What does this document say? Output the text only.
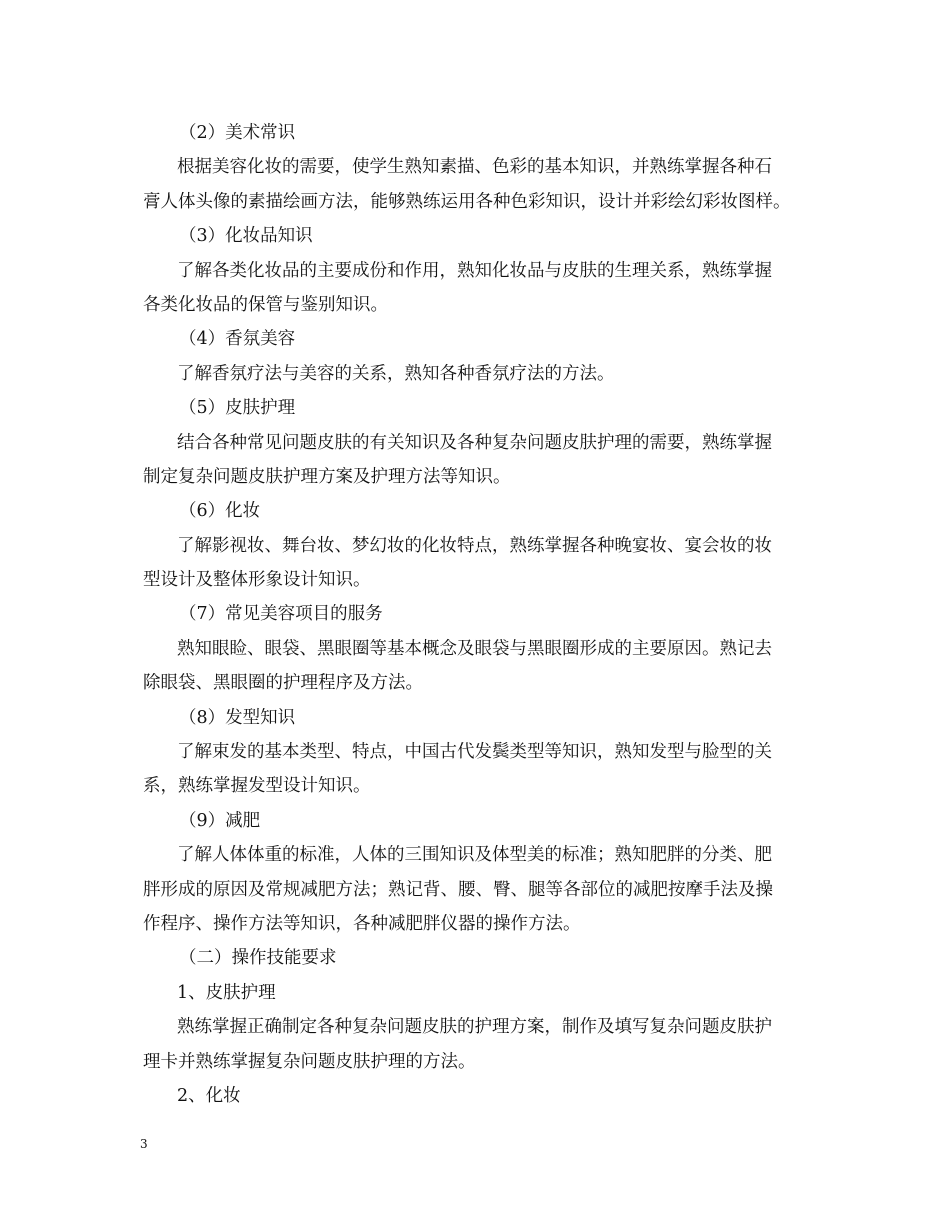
（2）美术常识
根据美容化妆的需要，使学生熟知素描、色彩的基本知识，并熟练掌握各种石
膏人体头像的素描绘画方法，能够熟练运用各种色彩知识，设计并彩绘幻彩妆图样。
（3）化妆品知识
了解各类化妆品的主要成份和作用，熟知化妆品与皮肤的生理关系，熟练掌握
各类化妆品的保管与鉴别知识。
（4）香氛美容
了解香氛疗法与美容的关系，熟知各种香氛疗法的方法。
（5）皮肤护理
结合各种常见问题皮肤的有关知识及各种复杂问题皮肤护理的需要，熟练掌握
制定复杂问题皮肤护理方案及护理方法等知识。
（6）化妆
了解影视妆、舞台妆、梦幻妆的化妆特点，熟练掌握各种晚宴妆、宴会妆的妆
型设计及整体形象设计知识。
（7）常见美容项目的服务
熟知眼睑、眼袋、黑眼圈等基本概念及眼袋与黑眼圈形成的主要原因。熟记去
除眼袋、黑眼圈的护理程序及方法。
（8）发型知识
了解束发的基本类型、特点，中国古代发鬓类型等知识，熟知发型与脸型的关
系，熟练掌握发型设计知识。
（9）减肥
了解人体体重的标准，人体的三围知识及体型美的标准；熟知肥胖的分类、肥
胖形成的原因及常规减肥方法；熟记背、腰、臀、腿等各部位的减肥按摩手法及操
作程序、操作方法等知识，各种减肥胖仪器的操作方法。
（二）操作技能要求
1、皮肤护理
熟练掌握正确制定各种复杂问题皮肤的护理方案，制作及填写复杂问题皮肤护
理卡并熟练掌握复杂问题皮肤护理的方法。
2、化妆
3
